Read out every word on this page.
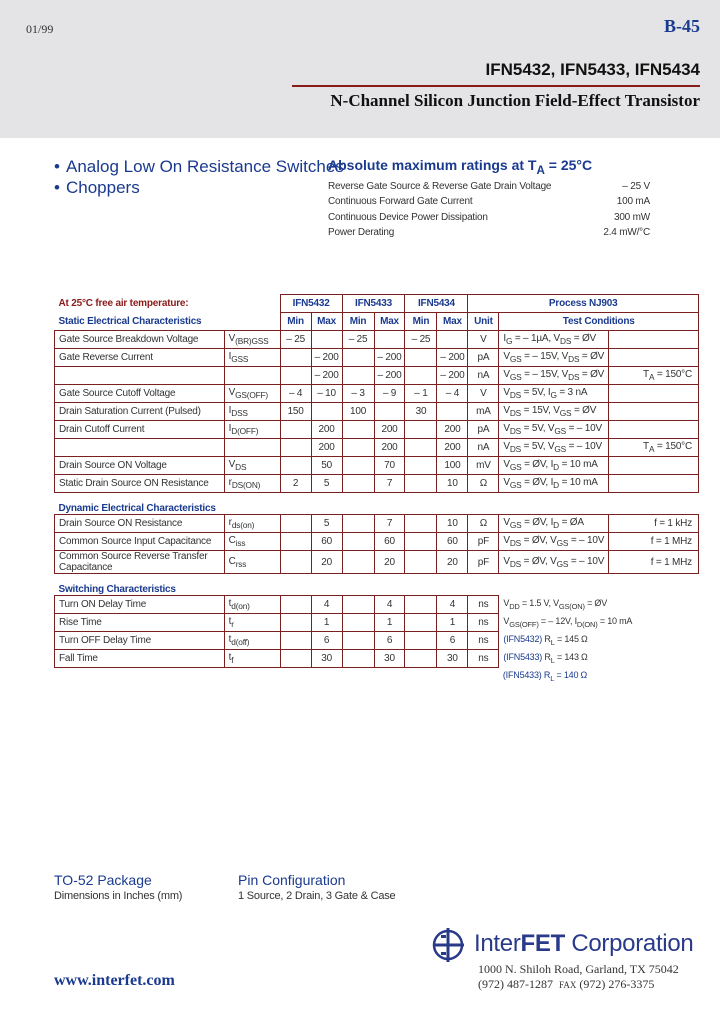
01/99	B-45
IFN5432, IFN5433, IFN5434
N-Channel Silicon Junction Field-Effect Transistor
• Analog Low On Resistance Switches
• Choppers
Absolute maximum ratings at $T_A = 25^\circ C$
Reverse Gate Source & Reverse Gate Drain Voltage	– 25 V
Continuous Forward Gate Current	100 mA
Continuous Device Power Dissipation	300 mW
Power Derating	2.4 mW/°C
At 25°C free air temperature:		IFN5432		IFN5433		IFN5434		Process NJ903		
Static Electrical Characteristics		Min	Max	Min	Max	Min	Max	Unit	Test Conditions	
Gate Source Breakdown Voltage	$V_{(BR)GSS}$	– 25		– 25		– 25		V	$I_G$ = – 1µA, $V_{DS}$ = ØV	
Gate Reverse Current	$I_{GSS}$		– 200		– 200		– 200	pA	$V_{GS}$ = – 15V, $V_{DS}$ = ØV	
			– 200		– 200		– 200	nA	$V_{GS}$ = – 15V, $V_{DS}$ = ØV	$T_A = 150^\circ C$
Gate Source Cutoff Voltage	$V_{GS(OFF)}$	– 4	– 10	– 3	– 9	– 1	– 4	V	$V_{DS} = 5V$, $I_G = 3$ nA	
Drain Saturation Current (Pulsed)	$I_{DSS}$	150		100		30		mA	$V_{DS} = 15V$, $V_{GS}$ = ØV	
Drain Cutoff Current	$I_{D(OFF)}$		200		200		200	pA	$V_{DS} = 5V$, $V_{GS}$ = – 10V	
			200		200		200	nA	$V_{DS} = 5V$, $V_{GS}$ = – 10V	$T_A = 150^\circ C$
Drain Source ON Voltage	$V_{DS}$		50		70		100	mV	$V_{GS}$ = ØV, $I_D = 10$ mA	
Static Drain Source ON Resistance	$r_{DS(ON)}$	2	5		7		10	Ω	$V_{GS}$ = ØV, $I_D = 10$ mA	
Dynamic Electrical Characteristics										
Drain Source ON Resistance	$r_{ds(on)}$		5		7		10	Ω	$V_{GS}$ = ØV, $I_D$ = ØA	f = 1 kHz
Common Source Input Capacitance	$C_{iss}$		60		60		60	pF	$V_{DS}$ = ØV, $V_{GS}$ = – 10V	f = 1 MHz
Common Source Reverse Transfer Capacitance	$C_{rss}$		20		20		20	pF	$V_{DS}$ = ØV, $V_{GS}$ = – 10V	f = 1 MHz
Switching Characteristics										
Turn ON Delay Time	$t_{d(on)}$		4		4		4	ns	$V_{DD} = 1.5$ V, $V_{GS(ON)}$ = ØV	
Rise Time	$t_r$		1		1		1	ns	$V_{GS(OFF)}$ = – 12V, $I_{D(ON)} = 10$ mA	
Turn OFF Delay Time	$t_{d(off)}$		6		6		6	ns	(IFN5432) $R_L = 145$ Ω	
Fall Time	$t_f$		30		30		30	ns	(IFN5433) $R_L = 143$ Ω	
									(IFN5433) $R_L = 140$ Ω	
TO-52 Package
Dimensions in Inches (mm)
Pin Configuration
1 Source, 2 Drain, 3 Gate & Case
InterFET Corporation
1000 N. Shiloh Road, Garland, TX 75042
(972) 487-1287 FAX (972) 276-3375
www.interfet.com
